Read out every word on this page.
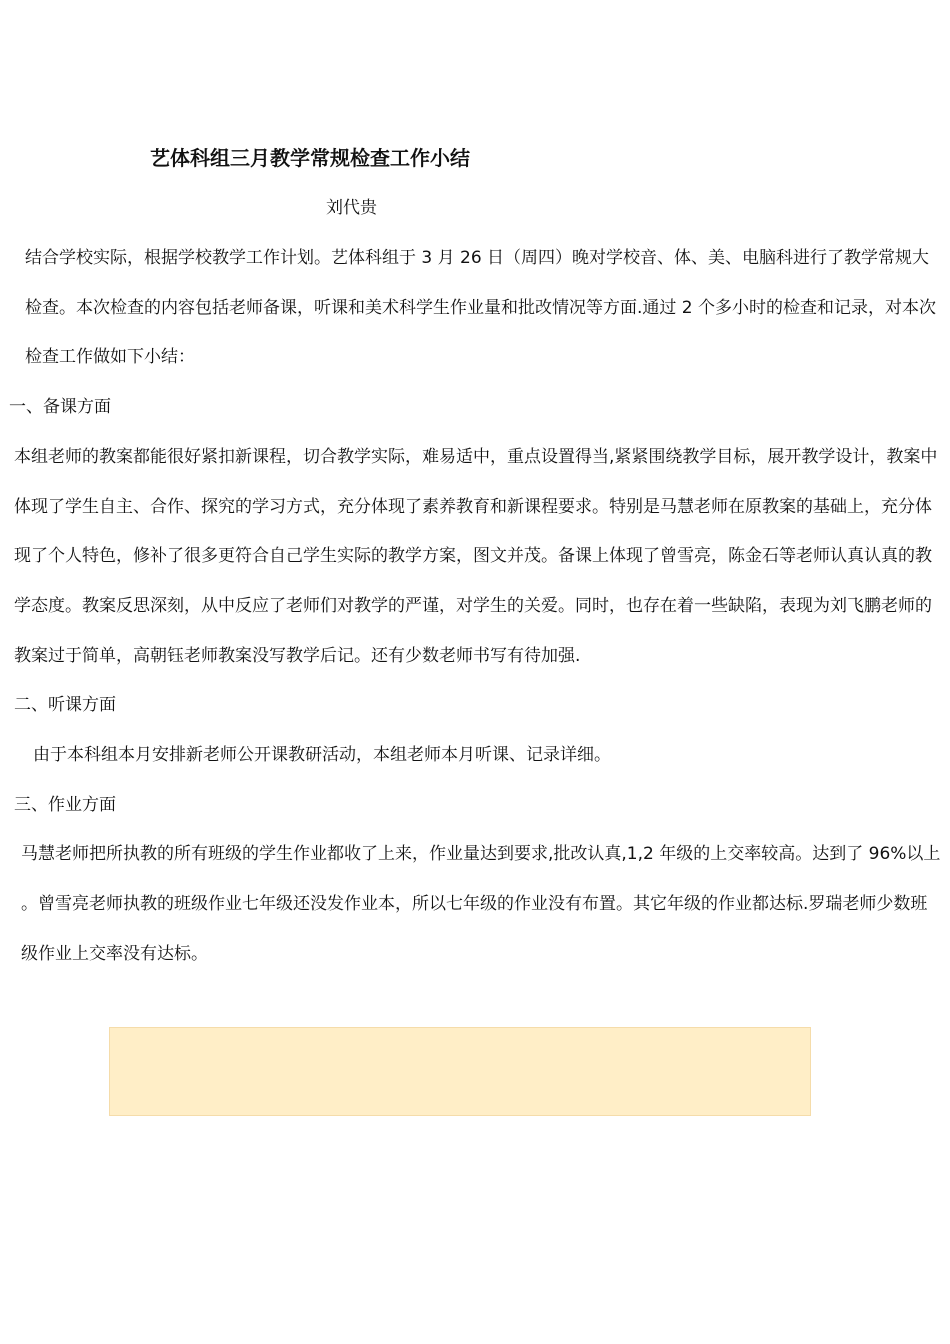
艺体科组三月教学常规检查工作小结

刘代贵

结合学校实际，根据学校教学工作计划。艺体科组于 3 月 26 日（周四）晚对学校音、体、美、电脑科进行了教学常规大检查。本次检查的内容包括老师备课，听课和美术科学生作业量和批改情况等方面.通过 2 个多小时的检查和记录，对本次检查工作做如下小结：

一、备课方面

本组老师的教案都能很好紧扣新课程，切合教学实际，难易适中，重点设置得当,紧紧围绕教学目标，展开教学设计，教案中体现了学生自主、合作、探究的学习方式，充分体现了素养教育和新课程要求。特别是马慧老师在原教案的基础上，充分体现了个人特色，修补了很多更符合自己学生实际的教学方案，图文并茂。备课上体现了曾雪亮，陈金石等老师认真认真的教学态度。教案反思深刻，从中反应了老师们对教学的严谨，对学生的关爱。同时，也存在着一些缺陷，表现为刘飞鹏老师的教案过于简单，高朝钰老师教案没写教学后记。还有少数老师书写有待加强.

二、听课方面

由于本科组本月安排新老师公开课教研活动，本组老师本月听课、记录详细。

三、作业方面

马慧老师把所执教的所有班级的学生作业都收了上来，作业量达到要求,批改认真,1,2 年级的上交率较高。达到了 96%以上 。曾雪亮老师执教的班级作业七年级还没发作业本，所以七年级的作业没有布置。其它年级的作业都达标.罗瑞老师少数班级作业上交率没有达标。
